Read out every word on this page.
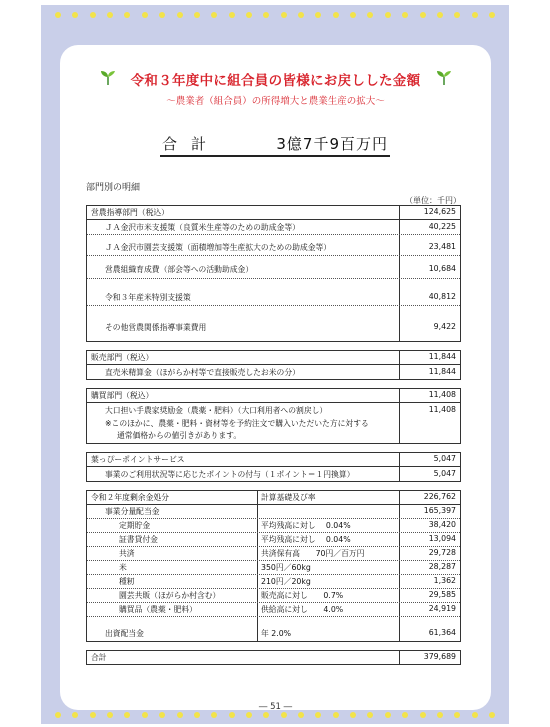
令和３年度中に組合員の皆様にお戻しした金額
～農業者（組合員）の所得増大と農業生産の拡大～
合計	3億7千9百万円
部門別の明細
（単位：千円）
営農指導部門（税込）	124,625
ＪＡ金沢市米支援策（良質米生産等のための助成金等）	40,225
ＪＡ金沢市園芸支援策（面積増加等生産拡大のための助成金等）	23,481
営農組織育成費（部会等への活動助成金）	10,684
令和３年産米特別支援策	40,812
その他営農関係指導事業費用	9,422
販売部門（税込）	11,844
直売米精算金（ほがらか村等で直接販売したお米の分）	11,844
購買部門（税込）	11,408
大口担い手農家奨励金（農薬・肥料）（大口利用者への割戻し）	11,408
※このほかに、農薬・肥料・資材等を予約注文で購入いただいた方に対する
通常価格からの値引きがあります。
葉っぴーポイントサービス	5,047
事業のご利用状況等に応じたポイントの付与（１ポイント＝１円換算）	5,047
令和２年度剰余金処分	計算基礎及び率	226,762
事業分量配当金	165,397
定期貯金	平均残高に対し　 0.04%	38,420
証書貸付金	平均残高に対し　 0.04%	13,094
共済	共済保有高　　70円／百万円	29,728
米	350円／60kg	28,287
種籾	210円／20kg	1,362
園芸共販（ほがらか村含む）	販売高に対し　　0.7%	29,585
購買品（農薬・肥料）	供給高に対し　　4.0%	24,919
出資配当金	年 2.0%	61,364
合計	379,689
― 51 ―
